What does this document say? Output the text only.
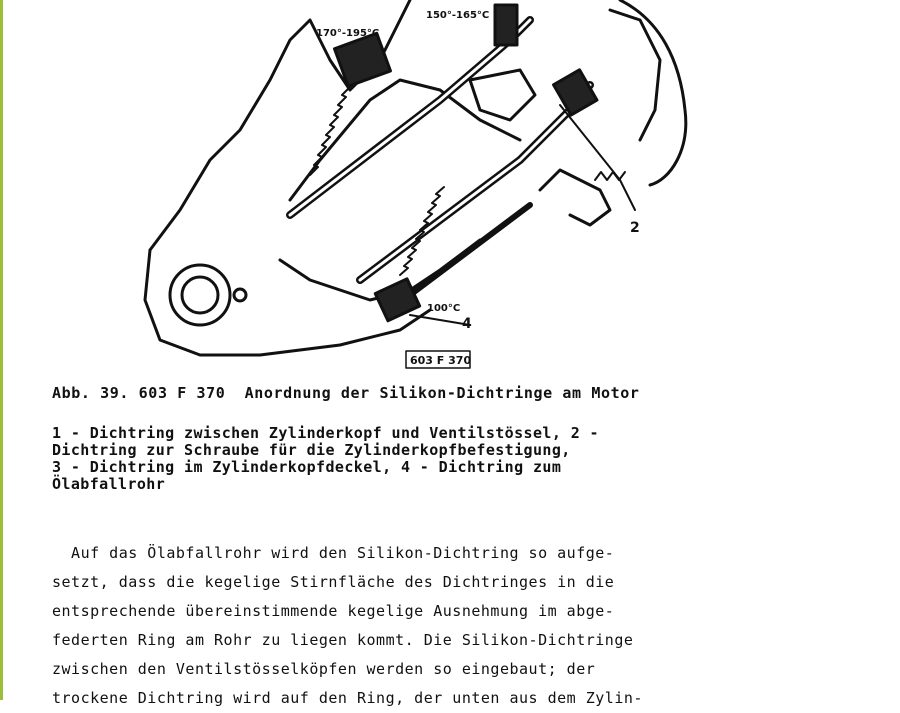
170°-195°C
150°-165°C
100°C
2
4
603 F 370
Abb. 39. 603 F 370  Anordnung der Silikon-Dichtringe am Motor
1 - Dichtring zwischen Zylinderkopf und Ventilstössel, 2 -
Dichtring zur Schraube für die Zylinderkopfbefestigung,
3 - Dichtring im Zylinderkopfdeckel, 4 - Dichtring zum
Ölabfallrohr
Auf das Ölabfallrohr wird den Silikon-Dichtring so aufge-
setzt, dass die kegelige Stirnfläche des Dichtringes in die
entsprechende übereinstimmende kegelige Ausnehmung im abge-
federten Ring am Rohr zu liegen kommt. Die Silikon-Dichtringe
zwischen den Ventilstösselköpfen werden so eingebaut; der
trockene Dichtring wird auf den Ring, der unten aus dem Zylin-
